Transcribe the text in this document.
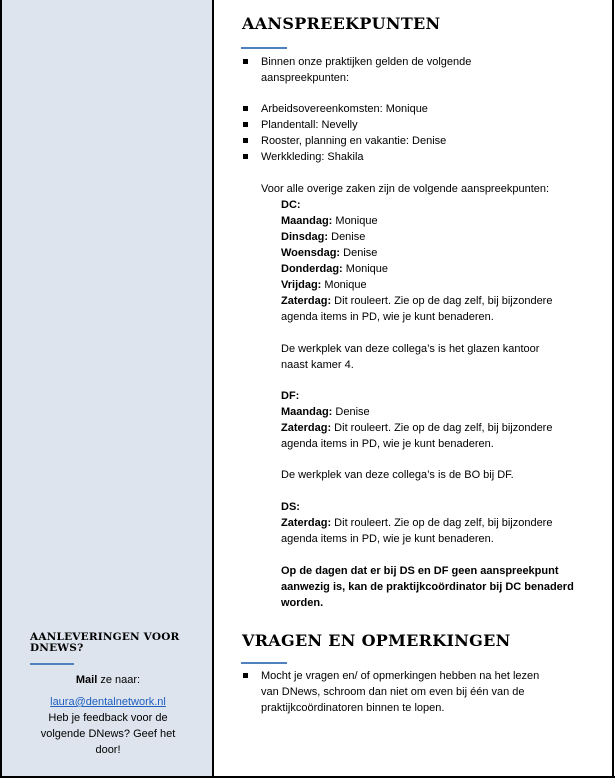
AANLEVERINGEN VOOR
DNEWS?
Mail ze naar:
laura@dentalnetwork.nl
Heb je feedback voor de
volgende DNews? Geef het
door!
AANSPREEKPUNTEN
Binnen onze praktijken gelden de volgende
aanspreekpunten:
Arbeidsovereenkomsten: Monique
Plandentall: Nevelly
Rooster, planning en vakantie: Denise
Werkkleding: Shakila
Voor alle overige zaken zijn de volgende aanspreekpunten:
DC:
Maandag: Monique
Dinsdag: Denise
Woensdag: Denise
Donderdag: Monique
Vrijdag: Monique
Zaterdag: Dit rouleert. Zie op de dag zelf, bij bijzondere
agenda items in PD, wie je kunt benaderen.
De werkplek van deze collega’s is het glazen kantoor
naast kamer 4.
DF:
Maandag: Denise
Zaterdag: Dit rouleert. Zie op de dag zelf, bij bijzondere
agenda items in PD, wie je kunt benaderen.
De werkplek van deze collega’s is de BO bij DF.
DS:
Zaterdag: Dit rouleert. Zie op de dag zelf, bij bijzondere
agenda items in PD, wie je kunt benaderen.
Op de dagen dat er bij DS en DF geen aanspreekpunt
aanwezig is, kan de praktijkcoördinator bij DC benaderd
worden.
VRAGEN EN OPMERKINGEN
Mocht je vragen en/ of opmerkingen hebben na het lezen
van DNews, schroom dan niet om even bij één van de
praktijkcoördinatoren binnen te lopen.
